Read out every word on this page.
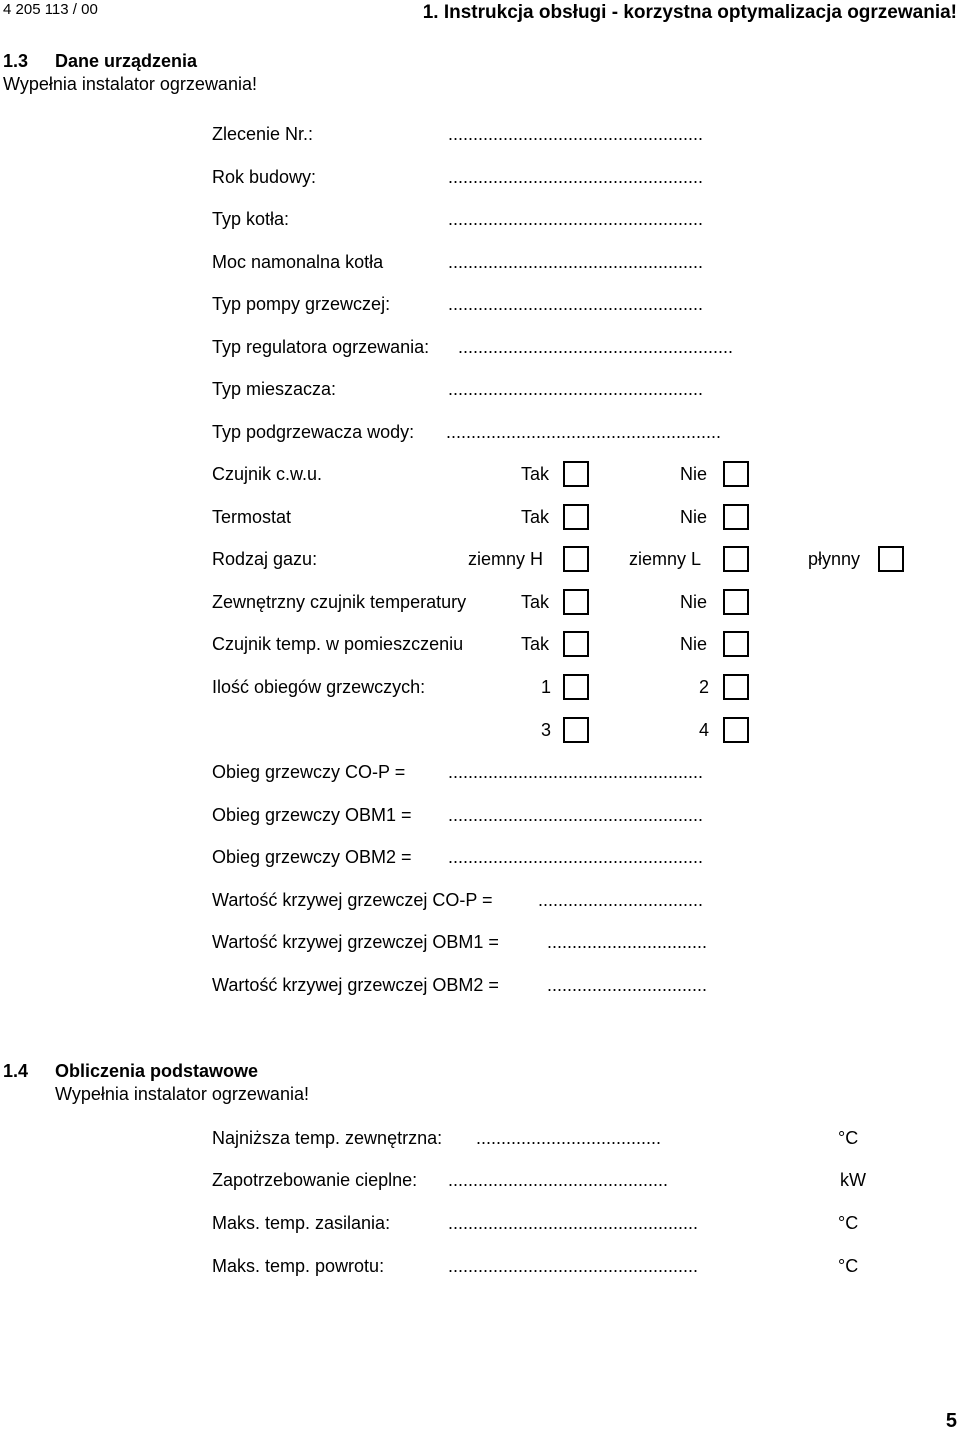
4 205 113 / 00	1. Instrukcja obsługi - korzystna optymalizacja ogrzewania!
1.3 Dane urządzenia
Wypełnia instalator ogrzewania!
Zlecenie Nr.:	...................................................
Rok budowy:	...................................................
Typ kotła:	...................................................
Moc namonalna kotła	...................................................
Typ pompy grzewczej:	...................................................
Typ regulatora ogrzewania: .......................................................
Typ mieszacza:	...................................................
Typ podgrzewacza wody: .......................................................
Czujnik c.w.u.	Tak	Nie
Termostat	Tak	Nie
Rodzaj gazu:	ziemny H	ziemny L	płynny
Zewnętrzny czujnik temperatury	Tak	Nie
Czujnik temp. w pomieszczeniu	Tak	Nie
Ilość obiegów grzewczych:	1	2
3	4
Obieg grzewczy CO-P = ...................................................
Obieg grzewczy OBM1 = ...................................................
Obieg grzewczy OBM2 = ...................................................
Wartość krzywej grzewczej CO-P =	.................................
Wartość krzywej grzewczej OBM1 =	................................
Wartość krzywej grzewczej OBM2 =	................................
1.4 Obliczenia podstawowe
Wypełnia instalator ogrzewania!
Najniższa temp. zewnętrzna: .....................................	°C
Zapotrzebowanie cieplne: ............................................	kW
Maks. temp. zasilania:	..................................................	°C
Maks. temp. powrotu:	..................................................	°C
5
